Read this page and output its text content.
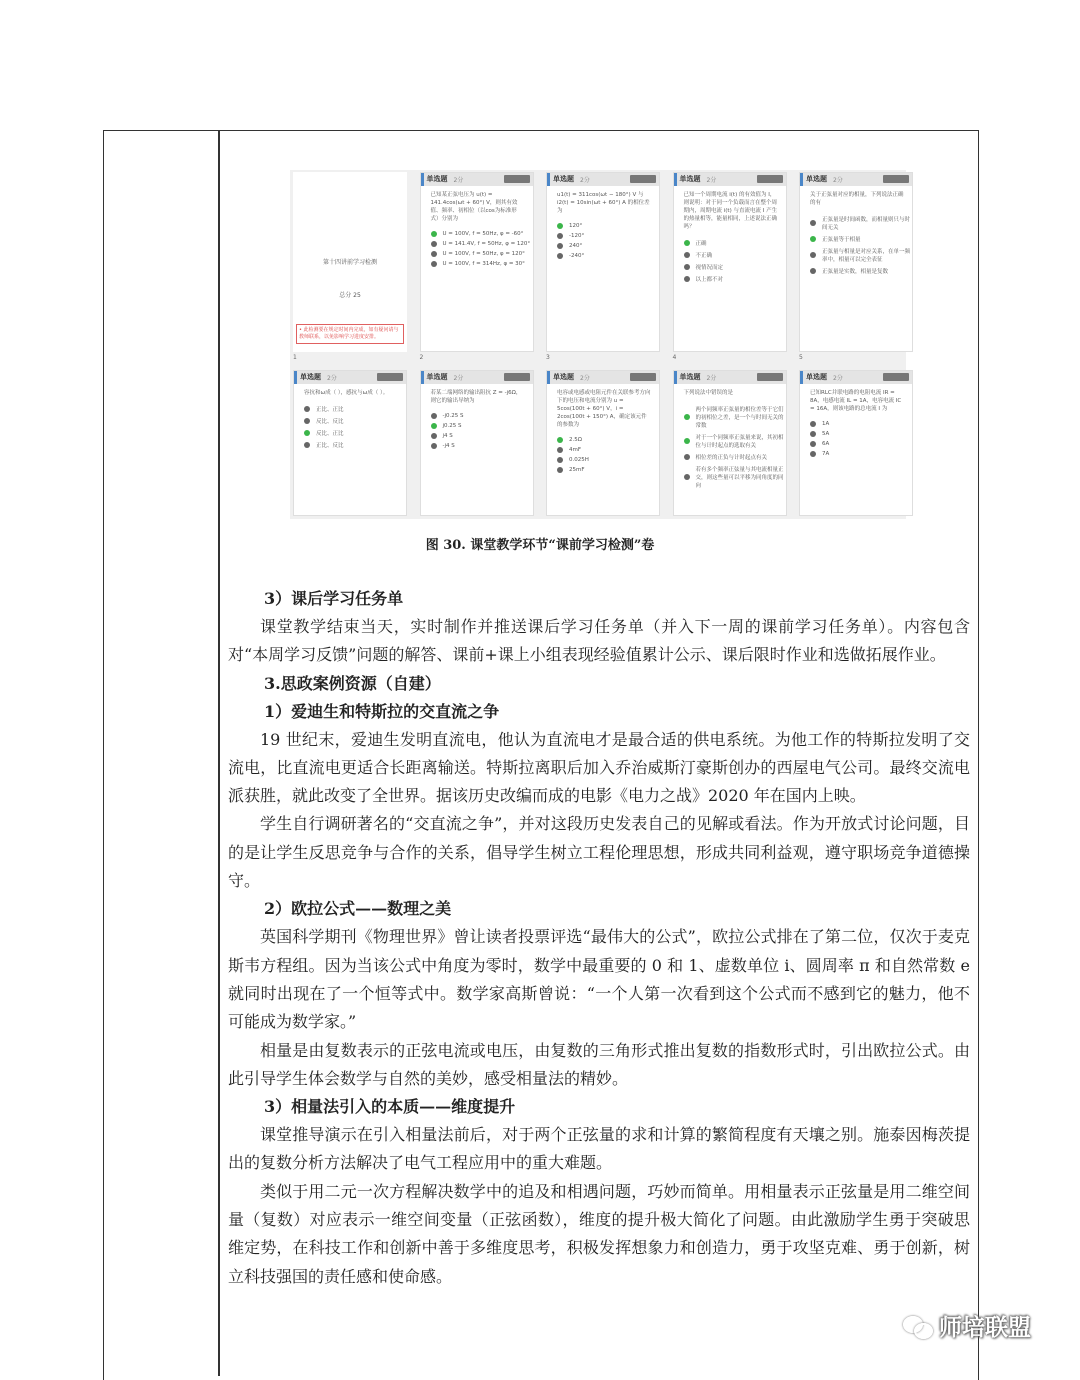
第十四讲前学习检测
总分 25
• 此检测要在规定时间内完成，如有疑问请与教师联系，以免影响学习进度安排。
1
单选题 2分
已知某正弦电压为 u(t) = 141.4cos(ωt + 60°) V，则其有效值、频率、初相位（以cos为标准形式）分别为
U = 100V, f = 50Hz, φ = -60°
U = 141.4V, f = 50Hz, φ = 120°
U = 100V, f = 50Hz, φ = 120°
U = 100V, f = 314Hz, φ = 30°
2
单选题 2分
u1(t) = 311cos(ωt − 180°) V 与 i2(t) = 10sin(ωt + 60°) A 的相位差为
120°
-120°
240°
-240°
3
单选题 2分
已知一个周期电流 i(t) 的有效值为 I，则说明：对于同一个负载而言在整个周期内，周期电流 i(t) 与直流电流 I 产生的热量相等，能量相同，上述说法正确吗？
正确
不正确
视情况而定
以上都不对
4
单选题 2分
关于正弦量对应的相量，下列说法正确的有
正弦量是时间函数，而相量则只与时间无关
正弦量等于相量
正弦量与相量是对应关系，在单一频率中，相量可以完全表征
正弦量是实数，相量是复数
5
单选题 2分
容抗和ω成（ ），感抗与ω成（ ）。
正比、正比
反比、反比
反比、正比
正比、反比
单选题 2分
若某二端网络的输出阻抗 Z = -j6Ω，则它的输出导纳为
-j0.25 S
j0.25 S
j4 S
-j4 S
单选题 2分
电容或电感或电阻元件在关联参考方向下的电压和电流分别为 u = 5cos(100t + 60°) V，i = 2cos(100t + 150°) A，确定该元件的参数为
2.5Ω
4mF
0.025H
25mF
单选题 2分
下列说法中错误的是
两个同频率正弦量的相位差等于它们的初相位之差，是一个与时间无关的常数
对于一个同频率正弦量来说，其初相位与计时起点的选取有关
相位差的正负与计时起点有关
若有多个频率正弦量与其电流相量正交，则这些量可以平移为同角度的同向
单选题 2分
已知RLC并联电路的电阻电流 IR = 8A，电感电流 IL = 1A，电容电流 IC = 16A，则该电路的总电流 I 为
1A
5A
6A
7A
图 30. 课堂教学环节“课前学习检测”卷
3）课后学习任务单
课堂教学结束当天，实时制作并推送课后学习任务单（并入下一周的课前学习任务单）。内容包含对“本周学习反馈”问题的解答、课前+课上小组表现经验值累计公示、课后限时作业和选做拓展作业。
3.思政案例资源（自建）
1）爱迪生和特斯拉的交直流之争
19 世纪末，爱迪生发明直流电，他认为直流电才是最合适的供电系统。为他工作的特斯拉发明了交流电，比直流电更适合长距离输送。特斯拉离职后加入乔治威斯汀豪斯创办的西屋电气公司。最终交流电派获胜，就此改变了全世界。据该历史改编而成的电影《电力之战》2020 年在国内上映。
学生自行调研著名的“交直流之争”，并对这段历史发表自己的见解或看法。作为开放式讨论问题，目的是让学生反思竞争与合作的关系，倡导学生树立工程伦理思想，形成共同利益观，遵守职场竞争道德操守。
2）欧拉公式——数理之美
英国科学期刊《物理世界》曾让读者投票评选“最伟大的公式”，欧拉公式排在了第二位，仅次于麦克斯韦方程组。因为当该公式中角度为零时，数学中最重要的 0 和 1、虚数单位 i、圆周率 π 和自然常数 e 就同时出现在了一个恒等式中。数学家高斯曾说：“一个人第一次看到这个公式而不感到它的魅力，他不可能成为数学家。”
相量是由复数表示的正弦电流或电压，由复数的三角形式推出复数的指数形式时，引出欧拉公式。由此引导学生体会数学与自然的美妙，感受相量法的精妙。
3）相量法引入的本质——维度提升
课堂推导演示在引入相量法前后，对于两个正弦量的求和计算的繁简程度有天壤之别。施泰因梅茨提出的复数分析方法解决了电气工程应用中的重大难题。
类似于用二元一次方程解决数学中的追及和相遇问题，巧妙而简单。用相量表示正弦量是用二维空间量（复数）对应表示一维空间变量（正弦函数），维度的提升极大简化了问题。由此激励学生勇于突破思维定势，在科技工作和创新中善于多维度思考，积极发挥想象力和创造力，勇于攻坚克难、勇于创新，树立科技强国的责任感和使命感。
师培联盟
